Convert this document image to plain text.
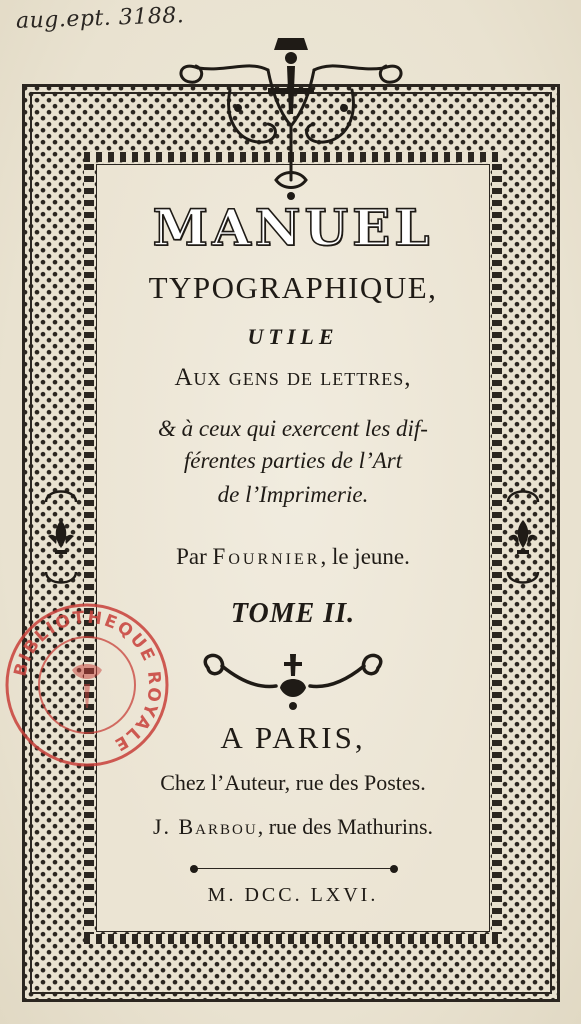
aug.ept. 3188.
MANUEL
TYPOGRAPHIQUE,
UTILE
Aux gens de lettres,
& à ceux qui exercent les dif-
férentes parties de l’Art
de l’Imprimerie.
Par Fournier, le jeune.
TOME II.
A PARIS,
Chez l’Auteur, rue des Postes.
J. Barbou, rue des Mathurins.
M. DCC. LXVI.
BIBLIOTHEQUE ROYALE
